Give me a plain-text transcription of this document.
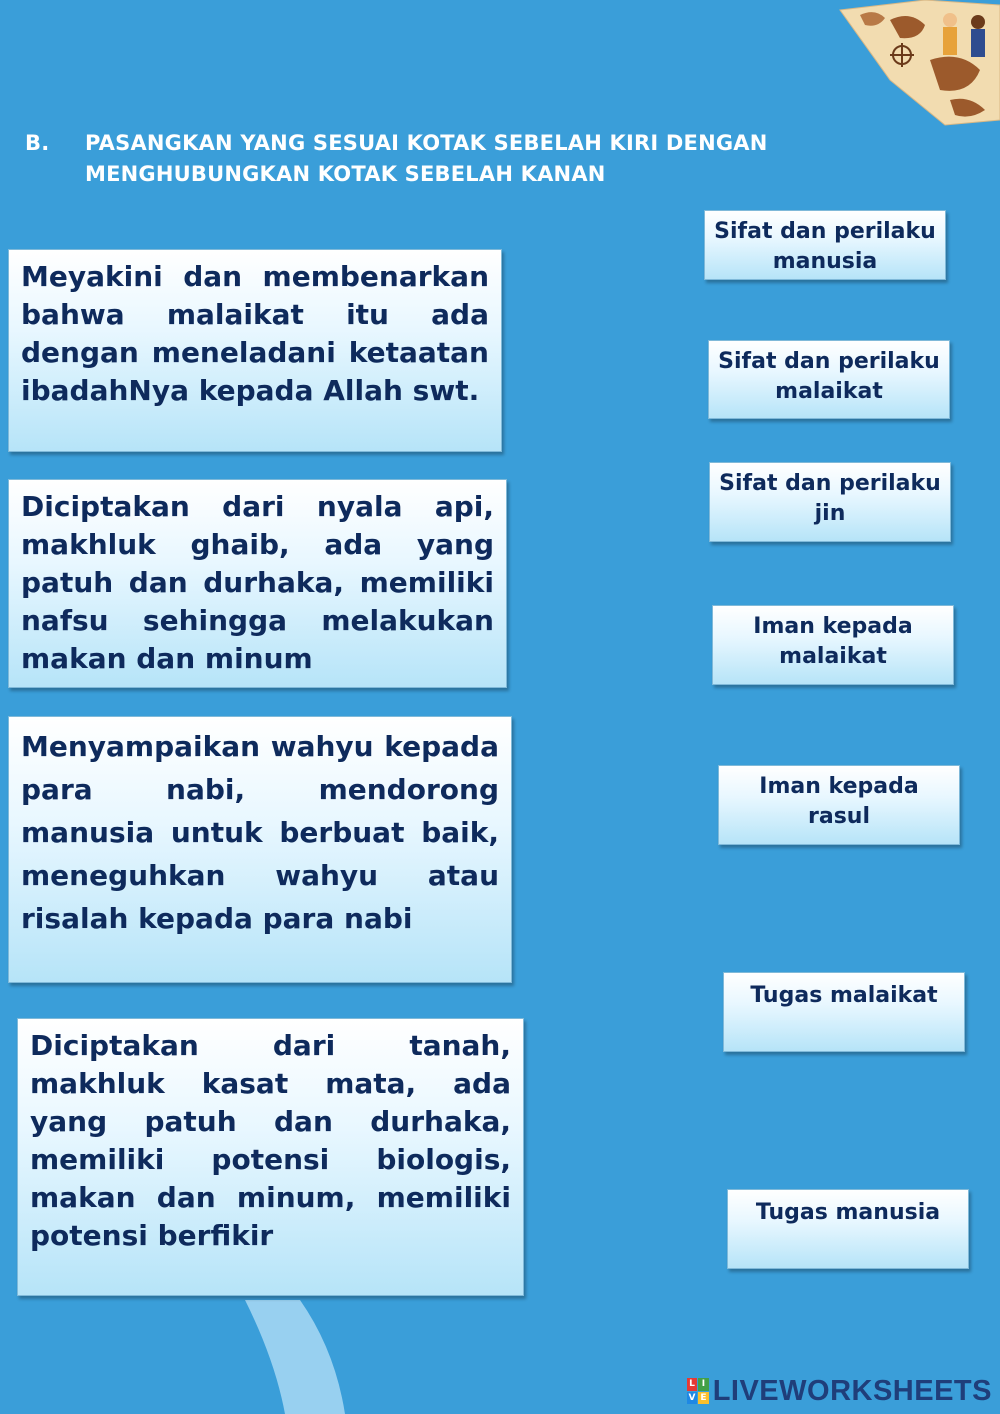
B. PASANGKAN YANG SESUAI KOTAK SEBELAH KIRI DENGAN MENGHUBUNGKAN KOTAK SEBELAH KANAN
Meyakini dan membenarkan bahwa malaikat itu ada dengan meneladani ketaatan ibadahNya kepada Allah swt.
Diciptakan dari nyala api, makhluk ghaib, ada yang patuh dan durhaka, memiliki nafsu sehingga melakukan makan dan minum
Menyampaikan wahyu kepada para nabi, mendorong manusia untuk berbuat baik, meneguhkan wahyu atau risalah kepada para nabi
Diciptakan dari tanah, makhluk kasat mata, ada yang patuh dan durhaka, memiliki potensi biologis, makan dan minum, memiliki potensi berfikir
Sifat dan perilaku manusia
Sifat dan perilaku malaikat
Sifat dan perilaku jin
Iman kepada malaikat
Iman kepada rasul
Tugas malaikat
Tugas manusia
L I
V E LIVEWORKSHEETS
